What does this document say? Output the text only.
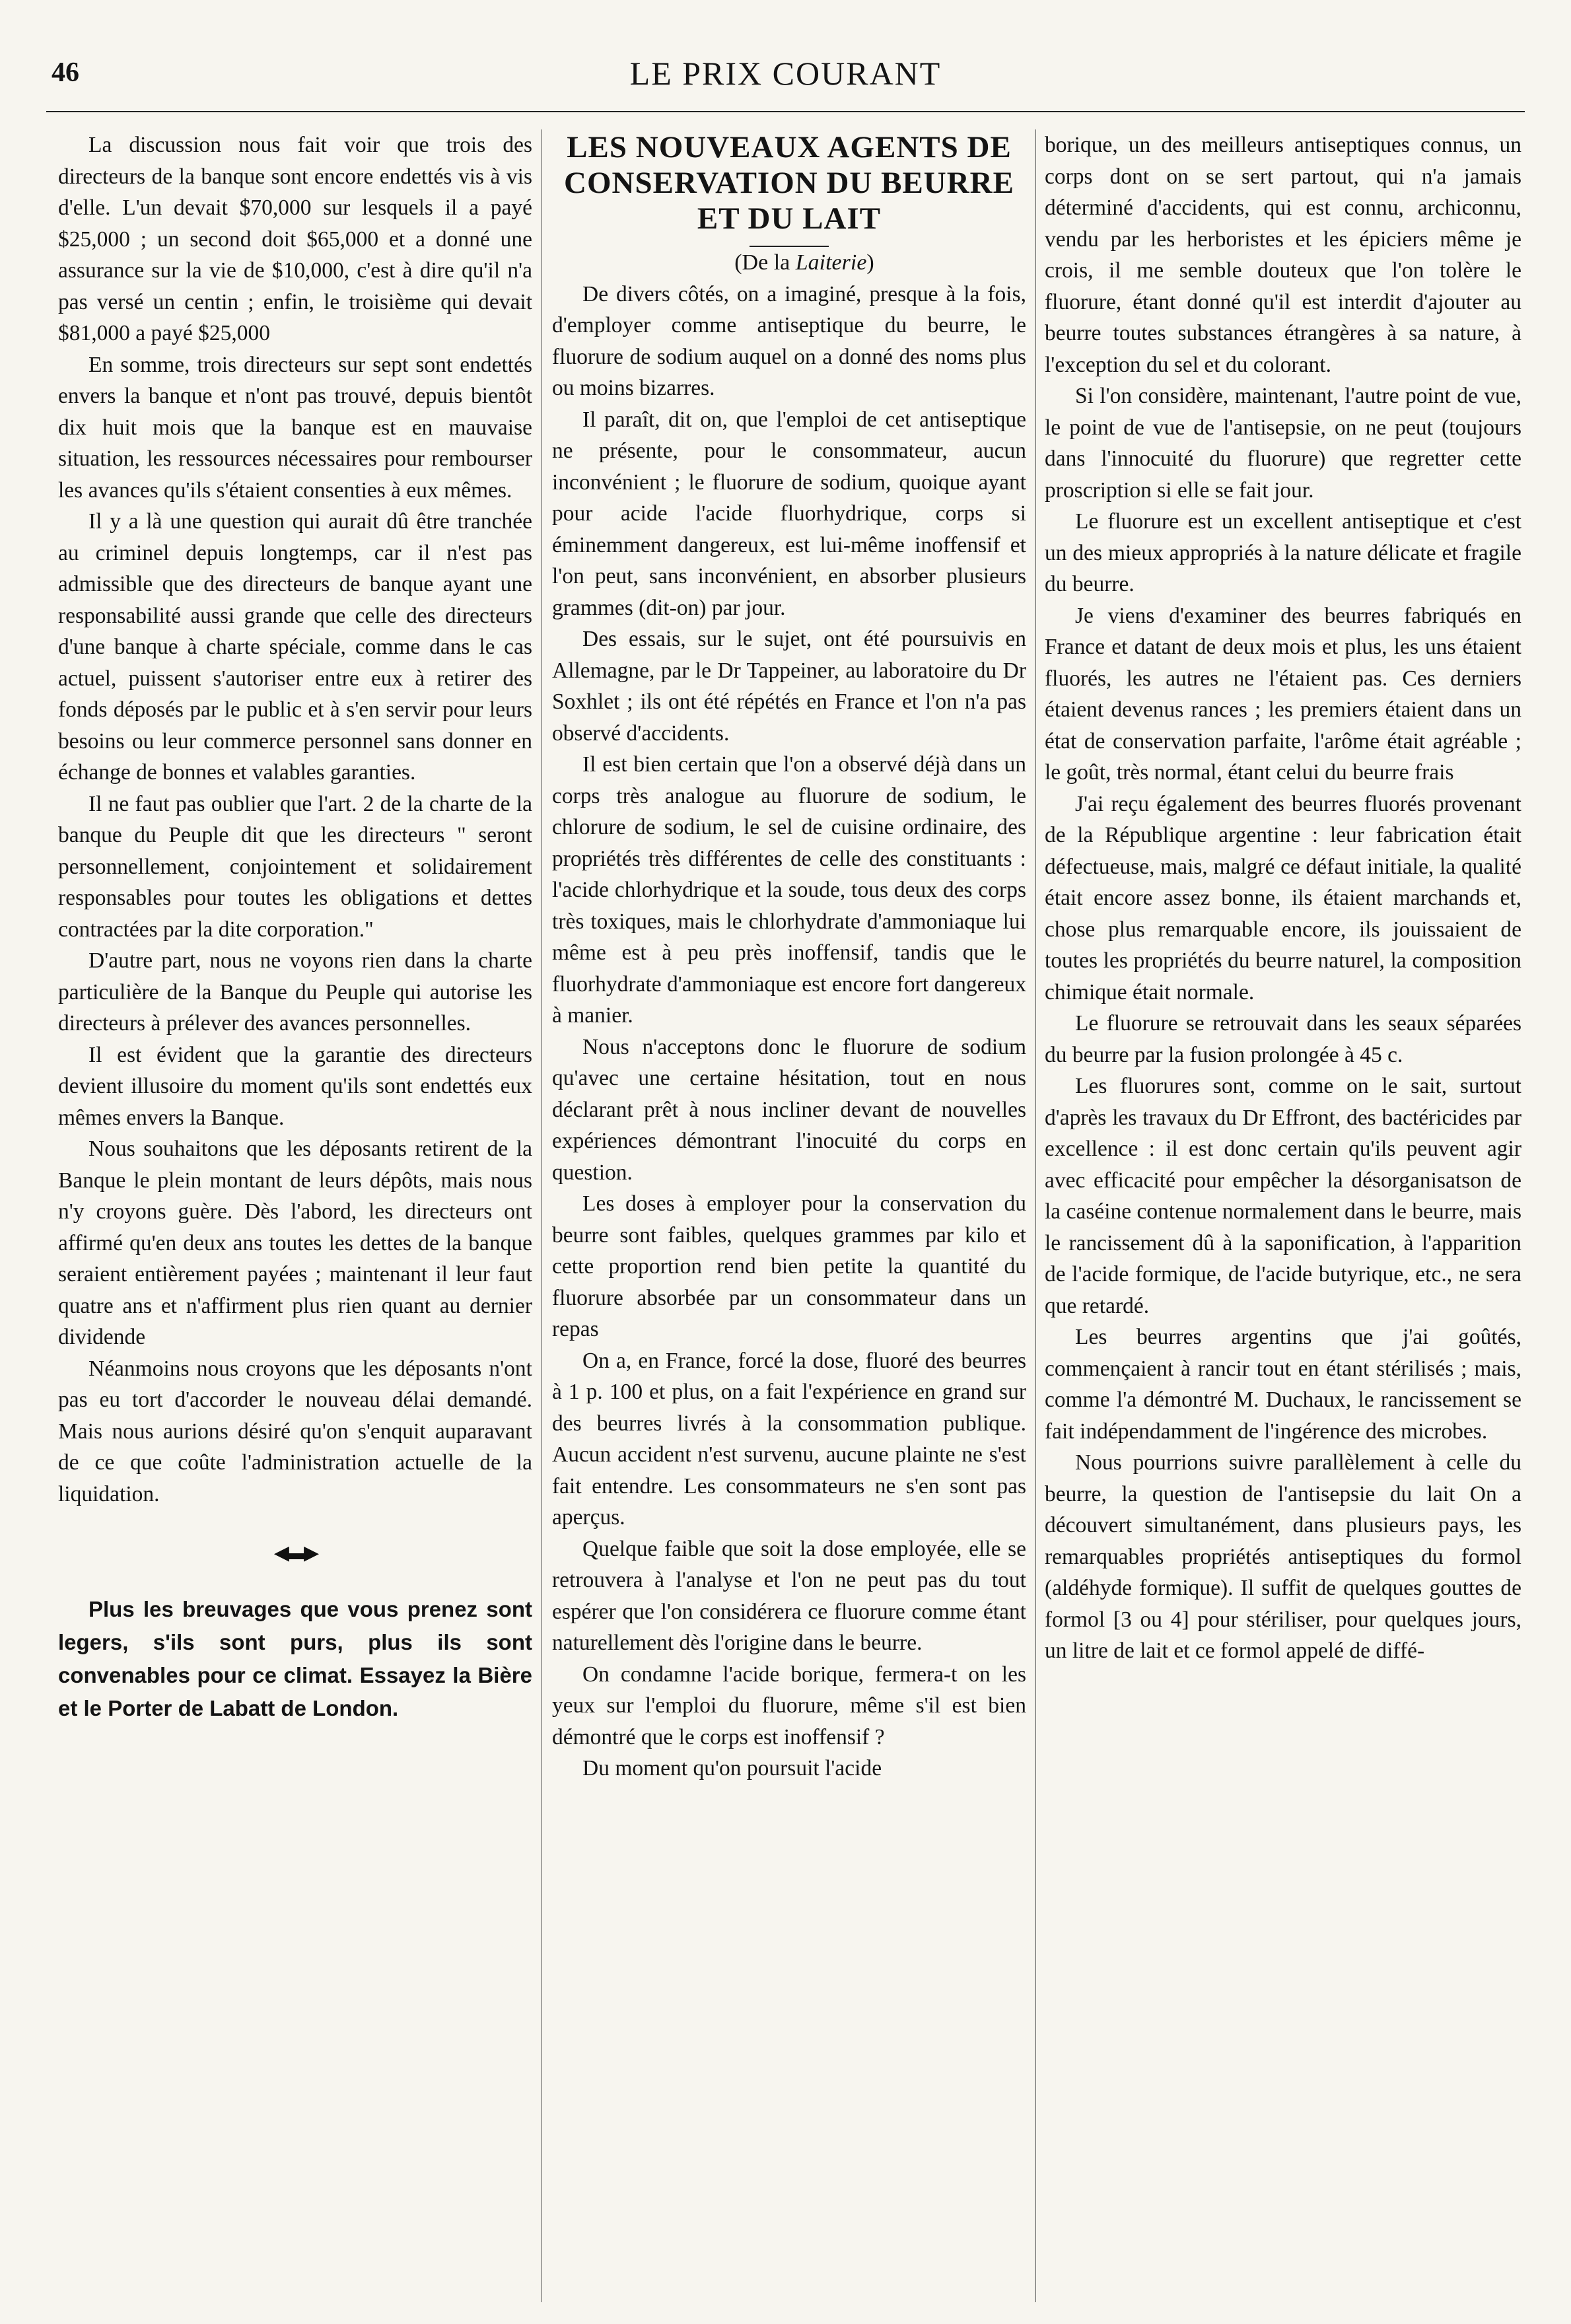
46	LE PRIX COURANT

La discussion nous fait voir que trois des directeurs de la banque sont encore endettés vis à vis d'elle. L'un devait $70,000 sur lesquels il a payé $25,000 ; un second doit $65,000 et a donné une assurance sur la vie de $10,000, c'est à dire qu'il n'a pas versé un centin ; enfin, le troisième qui devait $81,000 a payé $25,000

En somme, trois directeurs sur sept sont endettés envers la banque et n'ont pas trouvé, depuis bientôt dix huit mois que la banque est en mauvaise situation, les ressources nécessaires pour rembourser les avances qu'ils s'étaient consenties à eux mêmes.

Il y a là une question qui aurait dû être tranchée au criminel depuis longtemps, car il n'est pas admissible que des directeurs de banque ayant une responsabilité aussi grande que celle des directeurs d'une banque à charte spéciale, comme dans le cas actuel, puissent s'autoriser entre eux à retirer des fonds déposés par le public et à s'en servir pour leurs besoins ou leur commerce personnel sans donner en échange de bonnes et valables garanties.

Il ne faut pas oublier que l'art. 2 de la charte de la banque du Peuple dit que les directeurs " seront personnellement, conjointement et solidairement responsables pour toutes les obligations et dettes contractées par la dite corporation."

D'autre part, nous ne voyons rien dans la charte particulière de la Banque du Peuple qui autorise les directeurs à prélever des avances personnelles.

Il est évident que la garantie des directeurs devient illusoire du moment qu'ils sont endettés eux mêmes envers la Banque.

Nous souhaitons que les déposants retirent de la Banque le plein montant de leurs dépôts, mais nous n'y croyons guère. Dès l'abord, les directeurs ont affirmé qu'en deux ans toutes les dettes de la banque seraient entièrement payées ; maintenant il leur faut quatre ans et n'affirment plus rien quant au dernier dividende

Néanmoins nous croyons que les déposants n'ont pas eu tort d'accorder le nouveau délai demandé. Mais nous aurions désiré qu'on s'enquit auparavant de ce que coûte l'administration actuelle de la liquidation.

◀▬▶

Plus les breuvages que vous prenez sont legers, s'ils sont purs, plus ils sont convenables pour ce climat. Essayez la Bière et le Porter de Labatt de London.

LES NOUVEAUX AGENTS DE CONSERVATION DU BEURRE ET DU LAIT

(De la Laiterie)

De divers côtés, on a imaginé, presque à la fois, d'employer comme antiseptique du beurre, le fluorure de sodium auquel on a donné des noms plus ou moins bizarres.

Il paraît, dit on, que l'emploi de cet antiseptique ne présente, pour le consommateur, aucun inconvénient ; le fluorure de sodium, quoique ayant pour acide l'acide fluorhydrique, corps si éminemment dangereux, est lui-même inoffensif et l'on peut, sans inconvénient, en absorber plusieurs grammes (dit-on) par jour.

Des essais, sur le sujet, ont été poursuivis en Allemagne, par le Dr Tappeiner, au laboratoire du Dr Soxhlet ; ils ont été répétés en France et l'on n'a pas observé d'accidents.

Il est bien certain que l'on a observé déjà dans un corps très analogue au fluorure de sodium, le chlorure de sodium, le sel de cuisine ordinaire, des propriétés très différentes de celle des constituants : l'acide chlorhydrique et la soude, tous deux des corps très toxiques, mais le chlorhydrate d'ammoniaque lui même est à peu près inoffensif, tandis que le fluorhydrate d'ammoniaque est encore fort dangereux à manier.

Nous n'acceptons donc le fluorure de sodium qu'avec une certaine hésitation, tout en nous déclarant prêt à nous incliner devant de nouvelles expériences démontrant l'inocuité du corps en question.

Les doses à employer pour la conservation du beurre sont faibles, quelques grammes par kilo et cette proportion rend bien petite la quantité du fluorure absorbée par un consommateur dans un repas

On a, en France, forcé la dose, fluoré des beurres à 1 p. 100 et plus, on a fait l'expérience en grand sur des beurres livrés à la consommation publique. Aucun accident n'est survenu, aucune plainte ne s'est fait entendre. Les consommateurs ne s'en sont pas aperçus.

Quelque faible que soit la dose employée, elle se retrouvera à l'analyse et l'on ne peut pas du tout espérer que l'on considérera ce fluorure comme étant naturellement dès l'origine dans le beurre.

On condamne l'acide borique, fermera-t on les yeux sur l'emploi du fluorure, même s'il est bien démontré que le corps est inoffensif ?

Du moment qu'on poursuit l'acide

borique, un des meilleurs antiseptiques connus, un corps dont on se sert partout, qui n'a jamais déterminé d'accidents, qui est connu, archiconnu, vendu par les herboristes et les épiciers même je crois, il me semble douteux que l'on tolère le fluorure, étant donné qu'il est interdit d'ajouter au beurre toutes substances étrangères à sa nature, à l'exception du sel et du colorant.

Si l'on considère, maintenant, l'autre point de vue, le point de vue de l'antisepsie, on ne peut (toujours dans l'innocuité du fluorure) que regretter cette proscription si elle se fait jour.

Le fluorure est un excellent antiseptique et c'est un des mieux appropriés à la nature délicate et fragile du beurre.

Je viens d'examiner des beurres fabriqués en France et datant de deux mois et plus, les uns étaient fluorés, les autres ne l'étaient pas. Ces derniers étaient devenus rances ; les premiers étaient dans un état de conservation parfaite, l'arôme était agréable ; le goût, très normal, étant celui du beurre frais

J'ai reçu également des beurres fluorés provenant de la République argentine : leur fabrication était défectueuse, mais, malgré ce défaut initiale, la qualité était encore assez bonne, ils étaient marchands et, chose plus remarquable encore, ils jouissaient de toutes les propriétés du beurre naturel, la composition chimique était normale.

Le fluorure se retrouvait dans les seaux séparées du beurre par la fusion prolongée à 45 c.

Les fluorures sont, comme on le sait, surtout d'après les travaux du Dr Effront, des bactéricides par excellence : il est donc certain qu'ils peuvent agir avec efficacité pour empêcher la désorganisatson de la caséine contenue normalement dans le beurre, mais le rancissement dû à la saponification, à l'apparition de l'acide formique, de l'acide butyrique, etc., ne sera que retardé.

Les beurres argentins que j'ai goûtés, commençaient à rancir tout en étant stérilisés ; mais, comme l'a démontré M. Duchaux, le rancissement se fait indépendamment de l'ingérence des microbes.

Nous pourrions suivre parallèlement à celle du beurre, la question de l'antisepsie du lait On a découvert simultanément, dans plusieurs pays, les remarquables propriétés antiseptiques du formol (aldéhyde formique). Il suffit de quelques gouttes de formol [3 ou 4] pour stériliser, pour quelques jours, un litre de lait et ce formol appelé de diffé-
